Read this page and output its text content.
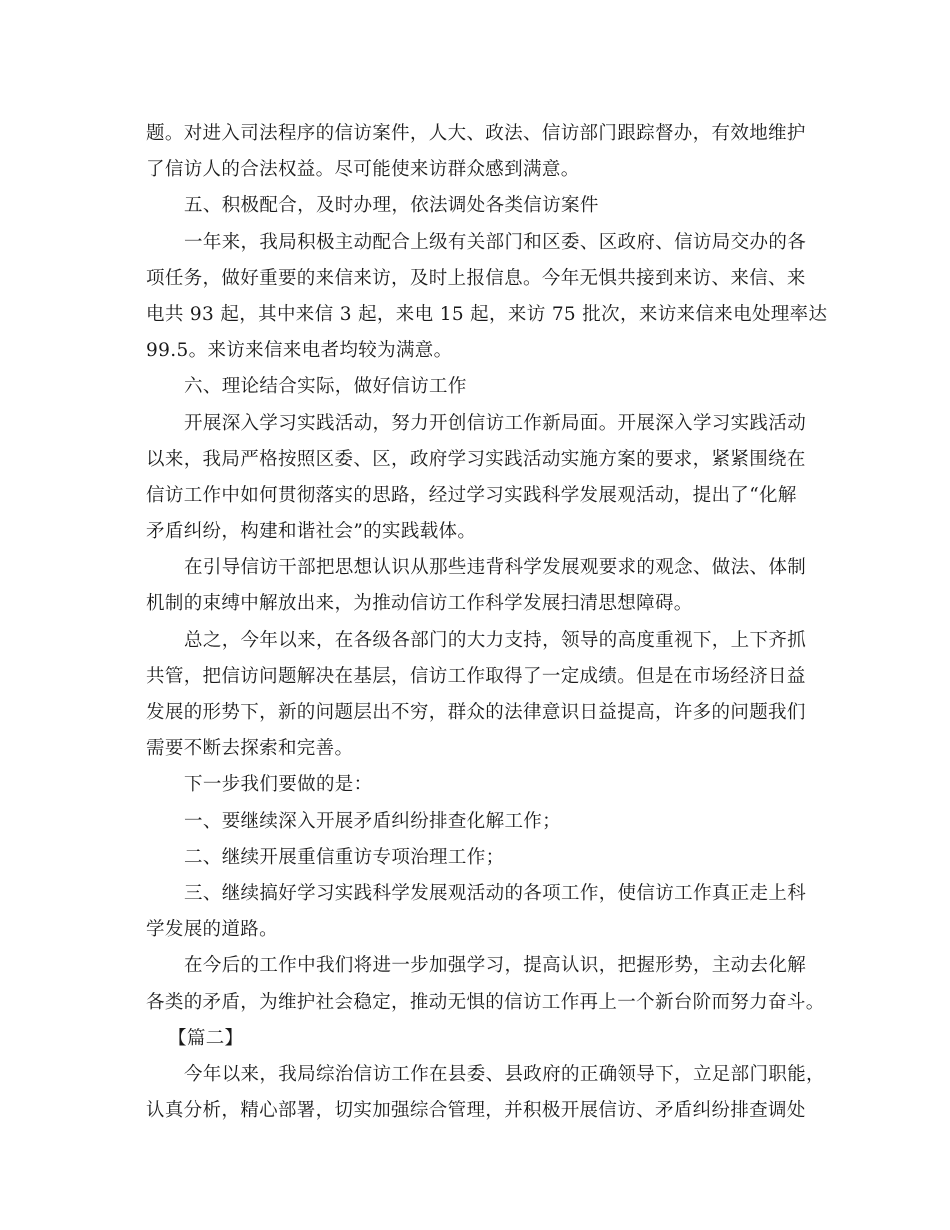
题。对进入司法程序的信访案件，人大、政法、信访部门跟踪督办，有效地维护
了信访人的合法权益。尽可能使来访群众感到满意。
五、积极配合，及时办理，依法调处各类信访案件
一年来，我局积极主动配合上级有关部门和区委、区政府、信访局交办的各
项任务，做好重要的来信来访，及时上报信息。今年无惧共接到来访、来信、来
电共 93 起，其中来信 3 起，来电 15 起，来访 75 批次，来访来信来电处理率达
99.5。来访来信来电者均较为满意。
六、理论结合实际，做好信访工作
开展深入学习实践活动，努力开创信访工作新局面。开展深入学习实践活动
以来，我局严格按照区委、区，政府学习实践活动实施方案的要求，紧紧围绕在
信访工作中如何贯彻落实的思路，经过学习实践科学发展观活动，提出了“化解
矛盾纠纷，构建和谐社会”的实践载体。
在引导信访干部把思想认识从那些违背科学发展观要求的观念、做法、体制
机制的束缚中解放出来，为推动信访工作科学发展扫清思想障碍。
总之，今年以来，在各级各部门的大力支持，领导的高度重视下，上下齐抓
共管，把信访问题解决在基层，信访工作取得了一定成绩。但是在市场经济日益
发展的形势下，新的问题层出不穷，群众的法律意识日益提高，许多的问题我们
需要不断去探索和完善。
下一步我们要做的是：
一、要继续深入开展矛盾纠纷排查化解工作；
二、继续开展重信重访专项治理工作；
三、继续搞好学习实践科学发展观活动的各项工作，使信访工作真正走上科
学发展的道路。
在今后的工作中我们将进一步加强学习，提高认识，把握形势，主动去化解
各类的矛盾，为维护社会稳定，推动无惧的信访工作再上一个新台阶而努力奋斗。
【篇二】
今年以来，我局综治信访工作在县委、县政府的正确领导下，立足部门职能，
认真分析，精心部署，切实加强综合管理，并积极开展信访、矛盾纠纷排查调处
